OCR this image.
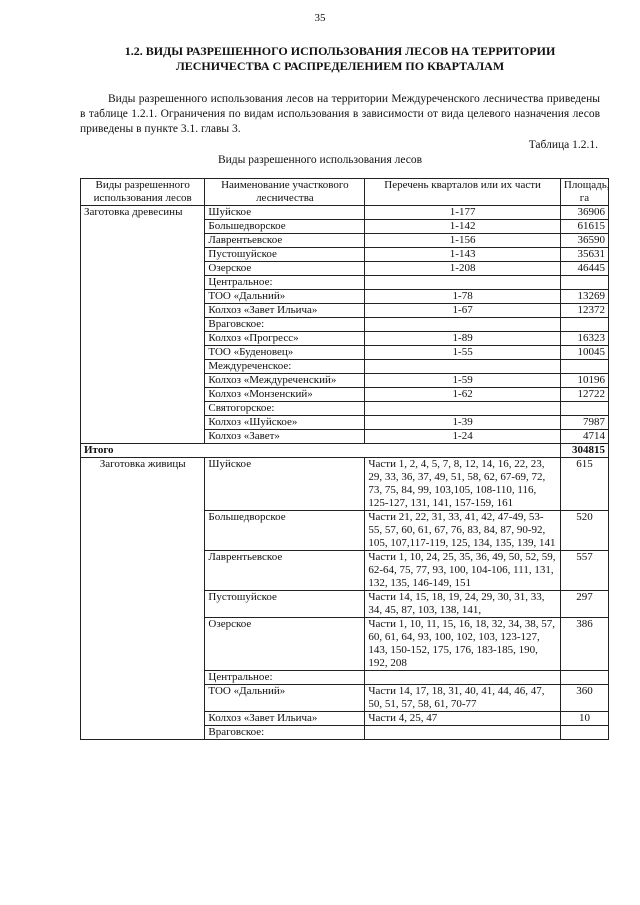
35
1.2. ВИДЫ РАЗРЕШЕННОГО ИСПОЛЬЗОВАНИЯ ЛЕСОВ НА ТЕРРИТОРИИ ЛЕСНИЧЕСТВА С РАСПРЕДЕЛЕНИЕМ ПО КВАРТАЛАМ
Виды разрешенного использования лесов на территории Междуреченского лесничества приведены в таблице 1.2.1. Ограничения по видам использования в зависимости от вида целевого назначения лесов приведены в пункте 3.1. главы 3.
Таблица 1.2.1.
Виды разрешенного использования лесов
Виды разрешенного использования лесов	Наименование участкового лесничества	Перечень кварталов или их части	Площадь, га
Заготовка древесины	Шуйское	1-177	36906
	Большедворское	1-142	61615
	Лаврентьевское	1-156	36590
	Пустошуйское	1-143	35631
	Озерское	1-208	46445
	Центральное:		
	ТОО «Дальний»	1-78	13269
	Колхоз «Завет Ильича»	1-67	12372
	Враговское:		
	Колхоз «Прогресс»	1-89	16323
	ТОО «Буденовец»	1-55	10045
	Междуреченское:		
	Колхоз «Междуреченский»	1-59	10196
	Колхоз «Монзенский»	1-62	12722
	Святогорское:		
	Колхоз «Шуйское»	1-39	7987
	Колхоз «Завет»	1-24	4714
Итого			304815
Заготовка живицы	Шуйское	Части 1, 2, 4, 5, 7, 8, 12, 14, 16, 22, 23, 29, 33, 36, 37, 49, 51, 58, 62, 67-69, 72, 73, 75, 84, 99, 103,105, 108-110, 116, 125-127, 131, 141, 157-159, 161	615
	Большедворское	Части 21, 22, 31, 33, 41, 42, 47-49, 53-55, 57, 60, 61, 67, 76, 83, 84, 87, 90-92, 105, 107,117-119, 125, 134, 135, 139, 141	520
	Лаврентьевское	Части 1, 10, 24, 25, 35, 36, 49, 50, 52, 59, 62-64, 75, 77, 93, 100, 104-106, 111, 131, 132, 135, 146-149, 151	557
	Пустошуйское	Части 14, 15, 18, 19, 24, 29, 30, 31, 33, 34, 45, 87, 103, 138, 141,	297
	Озерское	Части 1, 10, 11, 15, 16, 18, 32, 34, 38, 57, 60, 61, 64, 93, 100, 102, 103, 123-127, 143, 150-152, 175, 176, 183-185, 190, 192, 208	386
	Центральное:		
	ТОО «Дальний»	Части 14, 17, 18, 31, 40, 41, 44, 46, 47, 50, 51, 57, 58, 61, 70-77	360
	Колхоз «Завет Ильича»	Части 4, 25, 47	10
	Враговское:		
